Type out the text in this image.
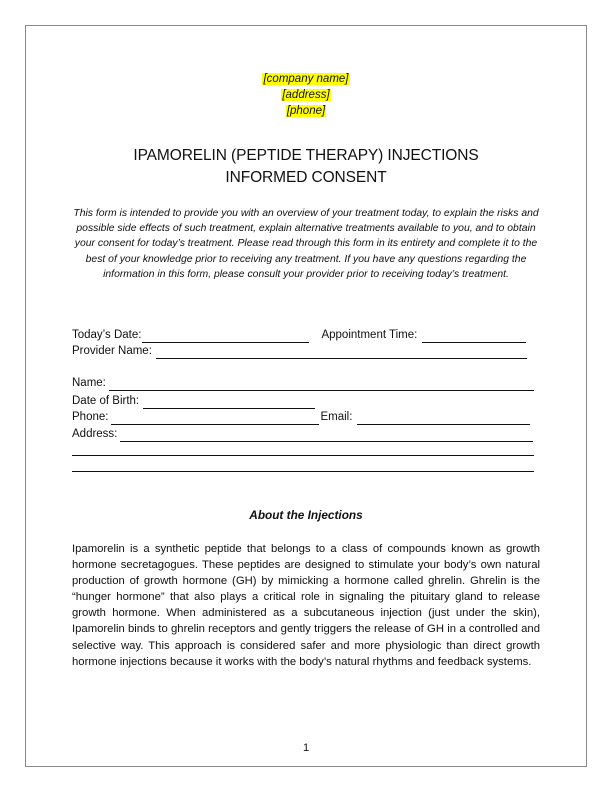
[company name]
[address]
[phone]
IPAMORELIN (PEPTIDE THERAPY) INJECTIONS
INFORMED CONSENT
This form is intended to provide you with an overview of your treatment today, to explain the risks and possible side effects of such treatment, explain alternative treatments available to you, and to obtain your consent for today’s treatment. Please read through this form in its entirety and complete it to the best of your knowledge prior to receiving any treatment. If you have any questions regarding the information in this form, please consult your provider prior to receiving today’s treatment.
Today’s Date:	Appointment Time:
Provider Name:
Name:
Date of Birth:
Phone:	Email:
Address:
About the Injections
Ipamorelin is a synthetic peptide that belongs to a class of compounds known as growth hormone secretagogues. These peptides are designed to stimulate your body’s own natural production of growth hormone (GH) by mimicking a hormone called ghrelin. Ghrelin is the “hunger hormone” that also plays a critical role in signaling the pituitary gland to release growth hormone. When administered as a subcutaneous injection (just under the skin), Ipamorelin binds to ghrelin receptors and gently triggers the release of GH in a controlled and selective way. This approach is considered safer and more physiologic than direct growth hormone injections because it works with the body’s natural rhythms and feedback systems.
1
